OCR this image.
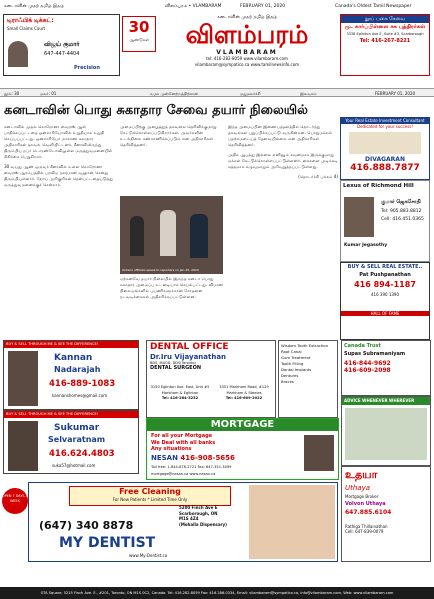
கனடாவின் முதற் தமிழ் இதழ்	விளம்பரம் • VLAMBARAM	FEBRUARY 01, 2020	Canada's Oldest Tamil Newspaper
டிராஃபிக் டிக்கட்:
Small Claims Court
விஜய் குமார்
647-447-4404
Precision
30
ஆண்டுகள்
கனடாவின் முதற் தமிழ் இதழ்
விளம்பரம்
VLAMBARAM
tel: 416-282-8059 www.vilambaram.com
vilambaram@sympatico.ca www.tamilnewsinfo.com
தூய் பகை சேவை
மு. கார்ப்பிள்ளை சக புத்திரர்கள்
3338 Eglinton Ave E, Suite #3, Scarborough
Tel: 416-267-8221
நூல்: 30	மலர்: 01	சமுக முன்னேற்றத்திற்கான	மறுமலர்ச்சி	இலவசம்	FEBRUARY 01, 2020
கனடாவின் பொது சுகாதார சேவை தயார் நிலையில்
கனடாவில் முதல் கொரோனா வைரஸ் ஆள் பாதிக்கப்பட்டதை ஒன்றாரியோவில் உறுதியாக உறுதி செய்யப்பட்டது. ஒன்றாரியோ மாகாண சுகாதார அதிகாரிகள் தகவல் வெளியிட்டனர். சீனாவிலிருந்து திரும்பிய நபர் டொரண்டோவிலுள்ள மருத்துவமனையில் சிகிச்சை பெறுகிறார்.
30 வயது ஆண் ஒருவர் சீனாவில் உள்ள கொரோனா வைரஸ் ஆரம்பத்தில் பரவிய நகரமான வுஹான் சென்று திரும்பியுள்ளார். நோய் அறிகுறிகள் தென்பட்டதையடுத்து மருத்துவமனைக்குச் சென்றார்.
அமைப்பிற்கு அழைத்துத் தகவலை தெரிவிக்குமாறு கேட்டுக்கொள்ளப்படுகிறார்கள். அவர்களின் உடல்நிலை கண்காணிக்கப்படும் என அதிகாரிகள் தெரிவித்தனர்.
Ontario officials speak to reporters on Jan 25, 2020
ஏற்கனவே தயார் நிலையில் இருந்த கனடா பொது சுகாதார அமைப்பு உடனடியாக செயல்பட்டது. விமான நிலையங்களில் பயணிகளுக்கான சோதனை நடவடிக்கைகள் அதிகரிக்கப்பட்டுள்ளன.
இந்த அமைப்பின் இணையத்தளத்தில் தொடர்ந்து தகவல்கள் புதுப்பிக்கப்பட்டு வருகின்றன. பொதுமக்கள் பதற்றமடையத் தேவையில்லை என அதிகாரிகள் தெரிவித்தனர்.
அதிக ஆபத்து இல்லை எனினும் கவனமாக இருக்குமாறு மக்கள் கேட்டுக்கொள்ளப்பட்டுள்ளனர். கைகளை அடிக்கடி சுத்தமாக கழுவுமாறும் அறிவுறுத்தப்பட்டுள்ளது.
(தொடர்ச்சி பக்கம் 4)
Your Real Estate Investment Consultant
Dedicated for your success!
DIVAGARAN
416.888.7877
Lexus of Richmond Hill
குமார் ஜெகசோதி
Tel: 905.883.8812
Cell: 416.451.0365
Kumar Jegasothy
BUY & SELL REAL ESTATE..
Pat Pushpanathan
416 894-1187
416 390 1390
HALL OF FAME
BUY & SELL THROUGH ME & SEE THE DIFFERENCE!
Kannan
Nadarajah
416-889-1083
kannanshomes@gmail.com
BUY & SELL THROUGH ME & SEE THE DIFFERENCE!
Sukumar
Selvaratnam
416.624.4803
suka57@hotmail.com
DENTAL OFFICE
Dr.Iru Vijayanathan
BDS, MAOD, DDS(Toronto)
DENTAL SURGEON
3150 Eglinton Ave. East, Unit #5
Markham & Eglinton
Tel: 416-264-3232
3351 Markham Road, #129
Markham & Steeles
Tel: 416-609-2022
Wisdom Tooth Extraction
Root Canal
Gum Treatment
Tooth Filling
Dental Implants
Dentures
Braces
Canada Trust
Supas Subramaniyam
416-844-9692
416-609-2098
ADVICE WHENEVER WHEREVER
MORTGAGE
For all your Mortgage
We Deal with all banks
Any situations
NESAN 416-908-5656
Toll free: 1-844-878-2721 Fax: 647-351-3099
mortgage@nesan.ca www.nesan.ca	உதயா
Uthaya
Mortgage Broker
Volvon Uthaya
647.885.6104
Rathiga Thillainathan
Cell: 647-839-0079
Free Cleaning
For New Patients * Limited Time Only
5200 Finch Ave E
Scarborough, ON
M1S 4Z4
(Mohalla Dispensary)
(647) 340 8878
MY DENTIST
www.My-Dentist.ca
OPEN 7 DAYS A WEEK
GTA Square, 5215 Finch Ave. E., #201, Toronto, ON M1S 0C2, Canada. Tel: 416.282.8059 Fax: 416.286.0334, Email: vilambaram@sympatico.ca, info@vilambaram.com, Web: www.vilambaram.com
